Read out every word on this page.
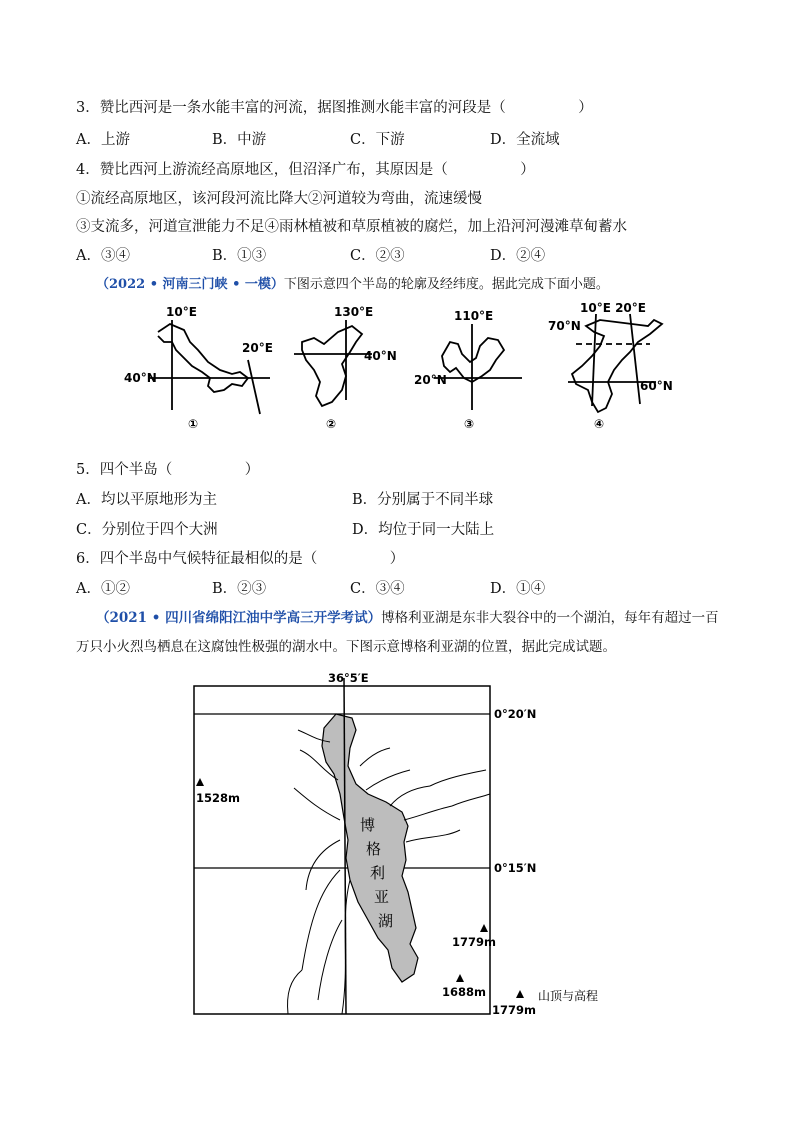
3．赞比西河是一条水能丰富的河流，据图推测水能丰富的河段是（　　　　　）
A．上游	B．中游	C．下游	D．全流域
4．赞比西河上游流经高原地区，但沼泽广布，其原因是（　　　　　）
①流经高原地区，该河段河流比降大②河道较为弯曲，流速缓慢
③支流多，河道宣泄能力不足④雨林植被和草原植被的腐烂，加上沿河河漫滩草甸蓄水
A．③④	B．①③	C．②③	D．②④
（2022 • 河南三门峡 • 一模）下图示意四个半岛的轮廓及经纬度。据此完成下面小题。
10°E
20°E
40°N
①
130°E
40°N
②
110°E
20°N
③
10°E 20°E
70°N
60°N
④
5．四个半岛（　　　　　）
A．均以平原地形为主	B．分别属于不同半球
C．分别位于四个大洲	D．均位于同一大陆上
6．四个半岛中气候特征最相似的是（　　　　　）
A．①②	B．②③	C．③④	D．①④
（2021 • 四川省绵阳江油中学高三开学考试）博格利亚湖是东非大裂谷中的一个湖泊，每年有超过一百万只小火烈鸟栖息在这腐蚀性极强的湖水中。下图示意博格利亚湖的位置，据此完成试题。
博
格
利
亚
湖
36°5′E
0°20′N
0°15′N
1528m
1779m
1688m
1779m
山顶与高程
